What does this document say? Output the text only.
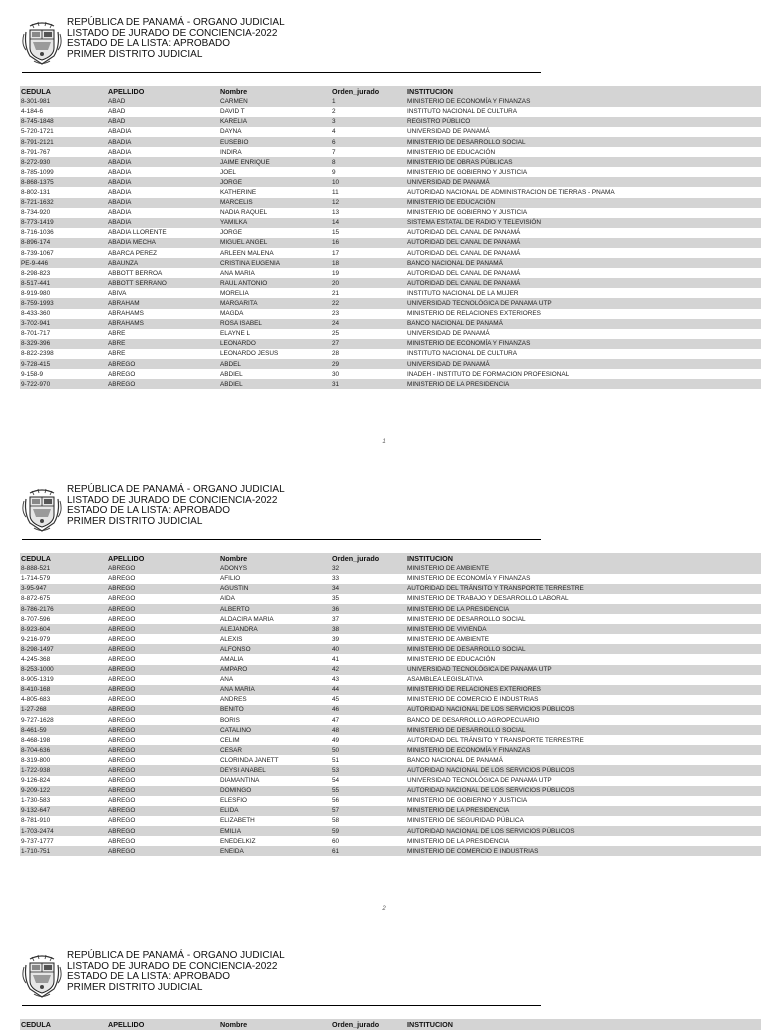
REPÚBLICA DE PANAMÁ - ORGANO JUDICIAL
LISTADO DE JURADO DE CONCIENCIA-2022
ESTADO DE LA LISTA: APROBADO
PRIMER DISTRITO JUDICIAL
CEDULA	APELLIDO	Nombre	Orden_jurado	INSTITUCION
8-301-981	ABAD	CARMEN	1	MINISTERIO DE ECONOMÍA Y FINANZAS
4-184-6	ABAD	DAVID T	2	INSTITUTO NACIONAL DE CULTURA
8-745-1848	ABAD	KARELIA	3	REGISTRO PÚBLICO
5-720-1721	ABADIA	DAYNA	4	UNIVERSIDAD DE PANAMÁ
8-791-2121	ABADIA	EUSEBIO	6	MINISTERIO DE DESARROLLO SOCIAL
8-791-767	ABADIA	INDIRA	7	MINISTERIO DE EDUCACIÓN
8-272-930	ABADIA	JAIME ENRIQUE	8	MINISTERIO DE OBRAS PÚBLICAS
8-785-1099	ABADIA	JOEL	9	MINISTERIO DE GOBIERNO Y JUSTICIA
8-868-1375	ABADIA	JORGE	10	UNIVERSIDAD DE PANAMÁ
8-802-131	ABADIA	KATHERINE	11	AUTORIDAD NACIONAL DE ADMINISTRACION DE TIERRAS - PNAMA
8-721-1632	ABADIA	MARCELIS	12	MINISTERIO DE EDUCACIÓN
8-734-920	ABADIA	NADIA RAQUEL	13	MINISTERIO DE GOBIERNO Y JUSTICIA
8-773-1419	ABADIA	YAMILKA	14	SISTEMA ESTATAL DE RADIO Y TELEVISIÓN
8-716-1036	ABADIA LLORENTE	JORGE	15	AUTORIDAD DEL CANAL DE PANAMÁ
8-896-174	ABADIA MECHA	MIGUEL ANGEL	16	AUTORIDAD DEL CANAL DE PANAMÁ
8-739-1067	ABARCA PEREZ	ARLEEN MALENA	17	AUTORIDAD DEL CANAL DE PANAMÁ
PE-9-446	ABAUNZA	CRISTINA EUGENIA	18	BANCO NACIONAL DE PANAMÁ
8-298-823	ABBOTT BERROA	ANA MARIA	19	AUTORIDAD DEL CANAL DE PANAMÁ
8-517-441	ABBOTT SERRANO	RAUL ANTONIO	20	AUTORIDAD DEL CANAL DE PANAMÁ
8-919-980	ABIVA	MORELIA	21	INSTITUTO NACIONAL DE LA MUJER
8-759-1993	ABRAHAM	MARGARITA	22	UNIVERSIDAD TECNOLÓGICA DE PANAMA UTP
8-433-360	ABRAHAMS	MAGDA	23	MINISTERIO DE RELACIONES EXTERIORES
3-702-941	ABRAHAMS	ROSA ISABEL	24	BANCO NACIONAL DE PANAMÁ
8-701-717	ABRE	ELAYNE L	25	UNIVERSIDAD DE PANAMÁ
8-329-396	ABRE	LEONARDO	27	MINISTERIO DE ECONOMÍA Y FINANZAS
8-822-2398	ABRE	LEONARDO JESUS	28	INSTITUTO NACIONAL DE CULTURA
9-728-415	ABREGO	ABDEL	29	UNIVERSIDAD DE PANAMÁ
9-158-9	ABREGO	ABDIEL	30	INADEH - INSTITUTO DE FORMACION PROFESIONAL
9-722-970	ABREGO	ABDIEL	31	MINISTERIO DE LA PRESIDENCIA
1
REPÚBLICA DE PANAMÁ - ORGANO JUDICIAL
LISTADO DE JURADO DE CONCIENCIA-2022
ESTADO DE LA LISTA: APROBADO
PRIMER DISTRITO JUDICIAL
CEDULA	APELLIDO	Nombre	Orden_jurado	INSTITUCION
8-888-521	ABREGO	ADONYS	32	MINISTERIO DE AMBIENTE
1-714-579	ABREGO	AFILIO	33	MINISTERIO DE ECONOMÍA Y FINANZAS
3-95-947	ABREGO	AGUSTIN	34	AUTORIDAD DEL TRÁNSITO Y TRANSPORTE TERRESTRE
8-872-675	ABREGO	AIDA	35	MINISTERIO DE TRABAJO Y DESARROLLO LABORAL
8-786-2176	ABREGO	ALBERTO	36	MINISTERIO DE LA PRESIDENCIA
8-707-596	ABREGO	ALDACIRA MARIA	37	MINISTERIO DE DESARROLLO SOCIAL
8-923-604	ABREGO	ALEJANDRA	38	MINISTERIO DE VIVIENDA
9-216-979	ABREGO	ALEXIS	39	MINISTERIO DE AMBIENTE
8-298-1497	ABREGO	ALFONSO	40	MINISTERIO DE DESARROLLO SOCIAL
4-245-368	ABREGO	AMALIA	41	MINISTERIO DE EDUCACIÓN
8-253-1000	ABREGO	AMPARO	42	UNIVERSIDAD TECNOLÓGICA DE PANAMA UTP
8-905-1319	ABREGO	ANA	43	ASAMBLEA LEGISLATIVA
8-410-168	ABREGO	ANA MARIA	44	MINISTERIO DE RELACIONES EXTERIORES
4-805-683	ABREGO	ANDRES	45	MINISTERIO DE COMERCIO E INDUSTRIAS
1-27-268	ABREGO	BENITO	46	AUTORIDAD NACIONAL DE LOS SERVICIOS PÚBLICOS
9-727-1628	ABREGO	BORIS	47	BANCO DE DESARROLLO AGROPECUARIO
8-461-59	ABREGO	CATALINO	48	MINISTERIO DE DESARROLLO SOCIAL
8-468-198	ABREGO	CELIM	49	AUTORIDAD DEL TRÁNSITO Y TRANSPORTE TERRESTRE
8-704-636	ABREGO	CESAR	50	MINISTERIO DE ECONOMÍA Y FINANZAS
8-319-800	ABREGO	CLORINDA JANETT	51	BANCO NACIONAL DE PANAMÁ
1-722-938	ABREGO	DEYSI ANABEL	53	AUTORIDAD NACIONAL DE LOS SERVICIOS PÚBLICOS
9-126-824	ABREGO	DIAMANTINA	54	UNIVERSIDAD TECNOLÓGICA DE PANAMA UTP
9-209-122	ABREGO	DOMINGO	55	AUTORIDAD NACIONAL DE LOS SERVICIOS PÚBLICOS
1-730-583	ABREGO	ELESFIO	56	MINISTERIO DE GOBIERNO Y JUSTICIA
9-132-647	ABREGO	ELIDA	57	MINISTERIO DE LA PRESIDENCIA
8-781-910	ABREGO	ELIZABETH	58	MINISTERIO DE SEGURIDAD PÚBLICA
1-703-2474	ABREGO	EMILIA	59	AUTORIDAD NACIONAL DE LOS SERVICIOS PÚBLICOS
9-737-1777	ABREGO	ENEDELKIZ	60	MINISTERIO DE LA PRESIDENCIA
1-710-751	ABREGO	ENEIDA	61	MINISTERIO DE COMERCIO E INDUSTRIAS
2
REPÚBLICA DE PANAMÁ - ORGANO JUDICIAL
LISTADO DE JURADO DE CONCIENCIA-2022
ESTADO DE LA LISTA: APROBADO
PRIMER DISTRITO JUDICIAL
CEDULA	APELLIDO	Nombre	Orden_jurado	INSTITUCION
